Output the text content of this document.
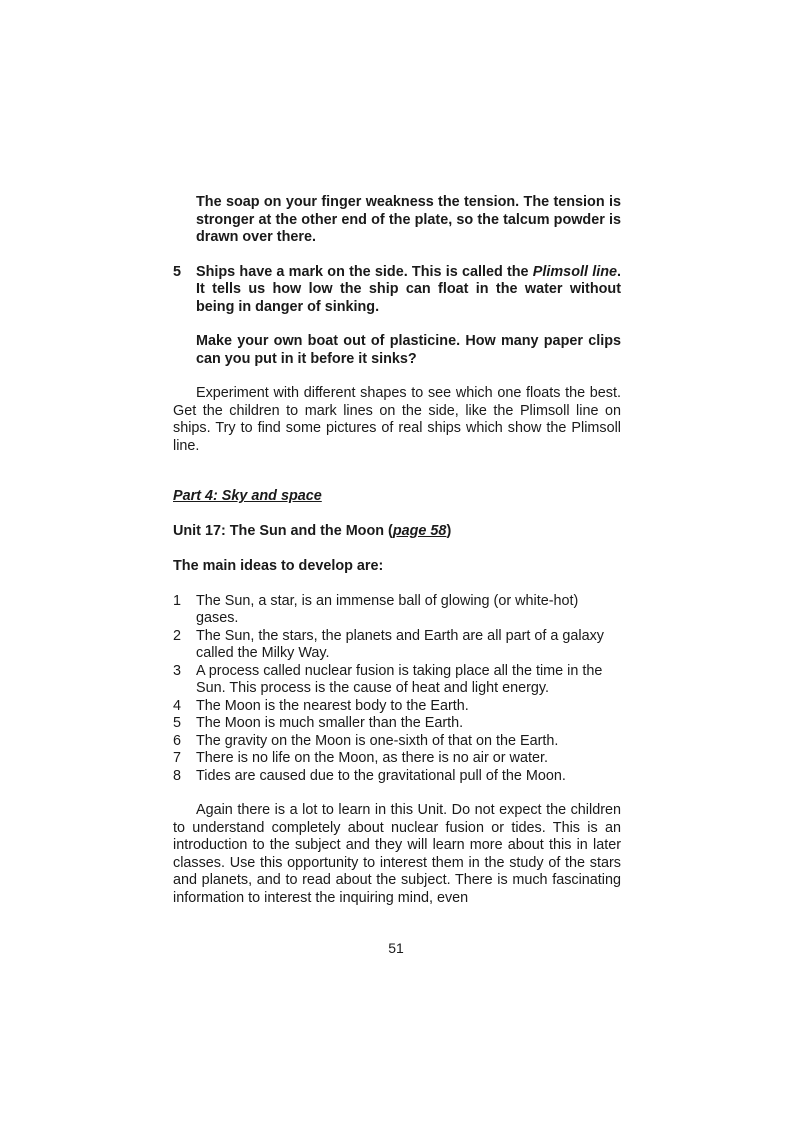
The soap on your finger weakness the tension. The tension is stronger at the other end of the plate, so the talcum powder is drawn over there.
5	Ships have a mark on the side. This is called the Plimsoll line. It tells us how low the ship can float in the water without being in danger of sinking.
Make your own boat out of plasticine. How many paper clips can you put in it before it sinks?
Experiment with different shapes to see which one floats the best. Get the children to mark lines on the side, like the Plimsoll line on ships. Try to find some pictures of real ships which show the Plimsoll line.
Part 4: Sky and space
Unit 17: The Sun and the Moon (page 58)
The main ideas to develop are:
1	The Sun, a star, is an immense ball of glowing (or white-hot) gases.
2	The Sun, the stars, the planets and Earth are all part of a galaxy called the Milky Way.
3	A process called nuclear fusion is taking place all the time in the Sun. This process is the cause of heat and light energy.
4	The Moon is the nearest body to the Earth.
5	The Moon is much smaller than the Earth.
6	The gravity on the Moon is one-sixth of that on the Earth.
7	There is no life on the Moon, as there is no air or water.
8	Tides are caused due to the gravitational pull of the Moon.
Again there is a lot to learn in this Unit. Do not expect the children to understand completely about nuclear fusion or tides. This is an introduction to the subject and they will learn more about this in later classes. Use this opportunity to interest them in the study of the stars and planets, and to read about the subject. There is much fascinating information to interest the inquiring mind, even
51
